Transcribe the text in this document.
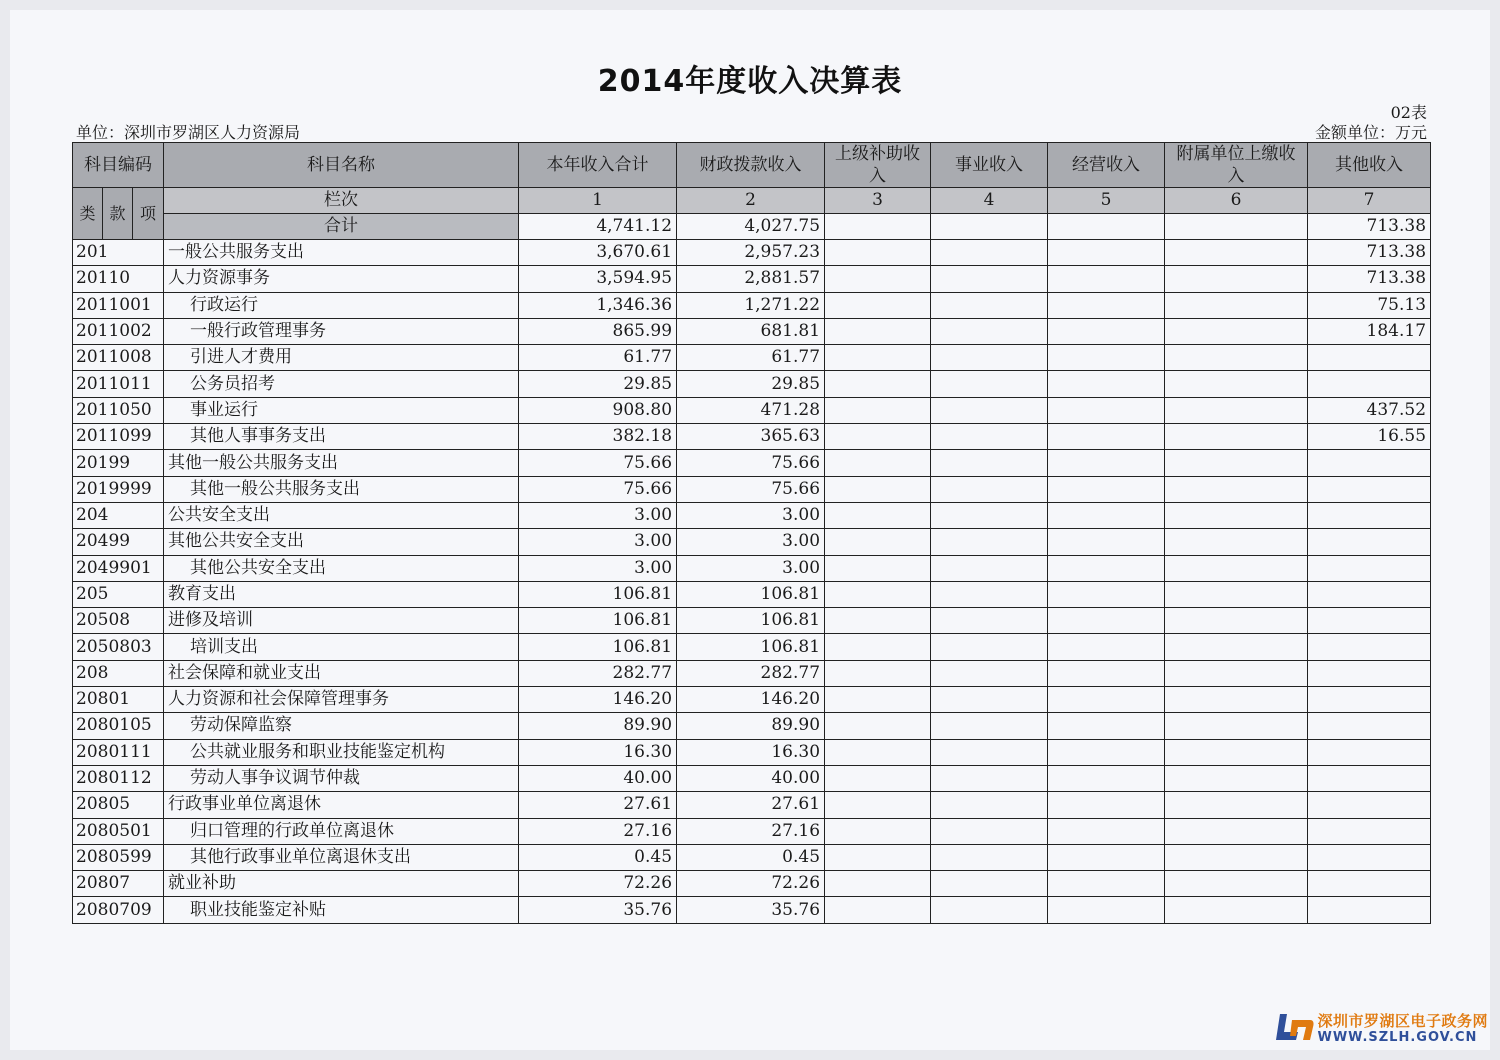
2014年度收入决算表
02表
单位：深圳市罗湖区人力资源局	金额单位：万元
科目编码			科目名称	本年收入合计	财政拨款收入	上级补助收入	事业收入	经营收入	附属单位上缴收入	其他收入
类	款	项	栏次	1	2	3	4	5	6	7
			合计	4,741.12	4,027.75					713.38
201			一般公共服务支出	3,670.61	2,957.23					713.38
20110			人力资源事务	3,594.95	2,881.57					713.38
2011001			行政运行	1,346.36	1,271.22					75.13
2011002			一般行政管理事务	865.99	681.81					184.17
2011008			引进人才费用	61.77	61.77					
2011011			公务员招考	29.85	29.85					
2011050			事业运行	908.80	471.28					437.52
2011099			其他人事事务支出	382.18	365.63					16.55
20199			其他一般公共服务支出	75.66	75.66					
2019999			其他一般公共服务支出	75.66	75.66					
204			公共安全支出	3.00	3.00					
20499			其他公共安全支出	3.00	3.00					
2049901			其他公共安全支出	3.00	3.00					
205			教育支出	106.81	106.81					
20508			进修及培训	106.81	106.81					
2050803			培训支出	106.81	106.81					
208			社会保障和就业支出	282.77	282.77					
20801			人力资源和社会保障管理事务	146.20	146.20					
2080105			劳动保障监察	89.90	89.90					
2080111			公共就业服务和职业技能鉴定机构	16.30	16.30					
2080112			劳动人事争议调节仲裁	40.00	40.00					
20805			行政事业单位离退休	27.61	27.61					
2080501			归口管理的行政单位离退休	27.16	27.16					
2080599			其他行政事业单位离退休支出	0.45	0.45					
20807			就业补助	72.26	72.26					
2080709			职业技能鉴定补贴	35.76	35.76					
深圳市罗湖区电子政务网
WWW.SZLH.GOV.CN
